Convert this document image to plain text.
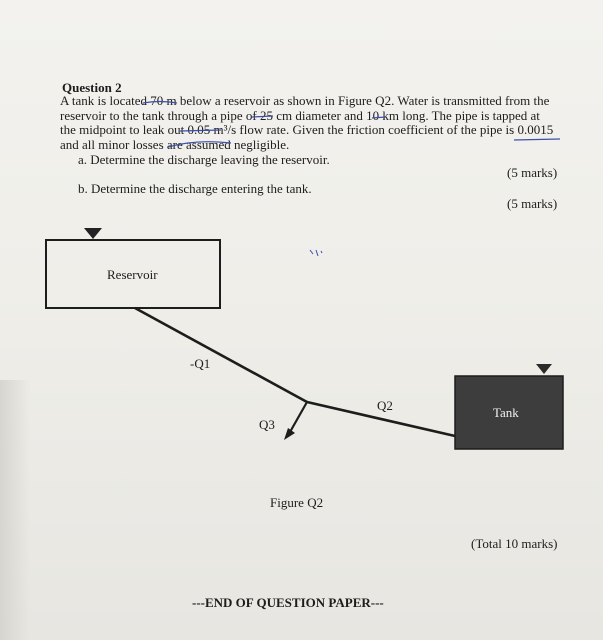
Question 2
A tank is located 70 m below a reservoir as shown in Figure Q2. Water is transmitted from the
reservoir to the tank through a pipe of 25 cm diameter and 10 km long. The pipe is tapped at
the midpoint to leak out 0.05 m³/s flow rate. Given the friction coefficient of the pipe is 0.0015
and all minor losses are assumed negligible.
a. Determine the discharge leaving the reservoir.
(5 marks)
b. Determine the discharge entering the tank.
(5 marks)
Reservoir
-Q1
Q2
Q3
Tank
Figure Q2
(Total 10 marks)
---END OF QUESTION PAPER---
